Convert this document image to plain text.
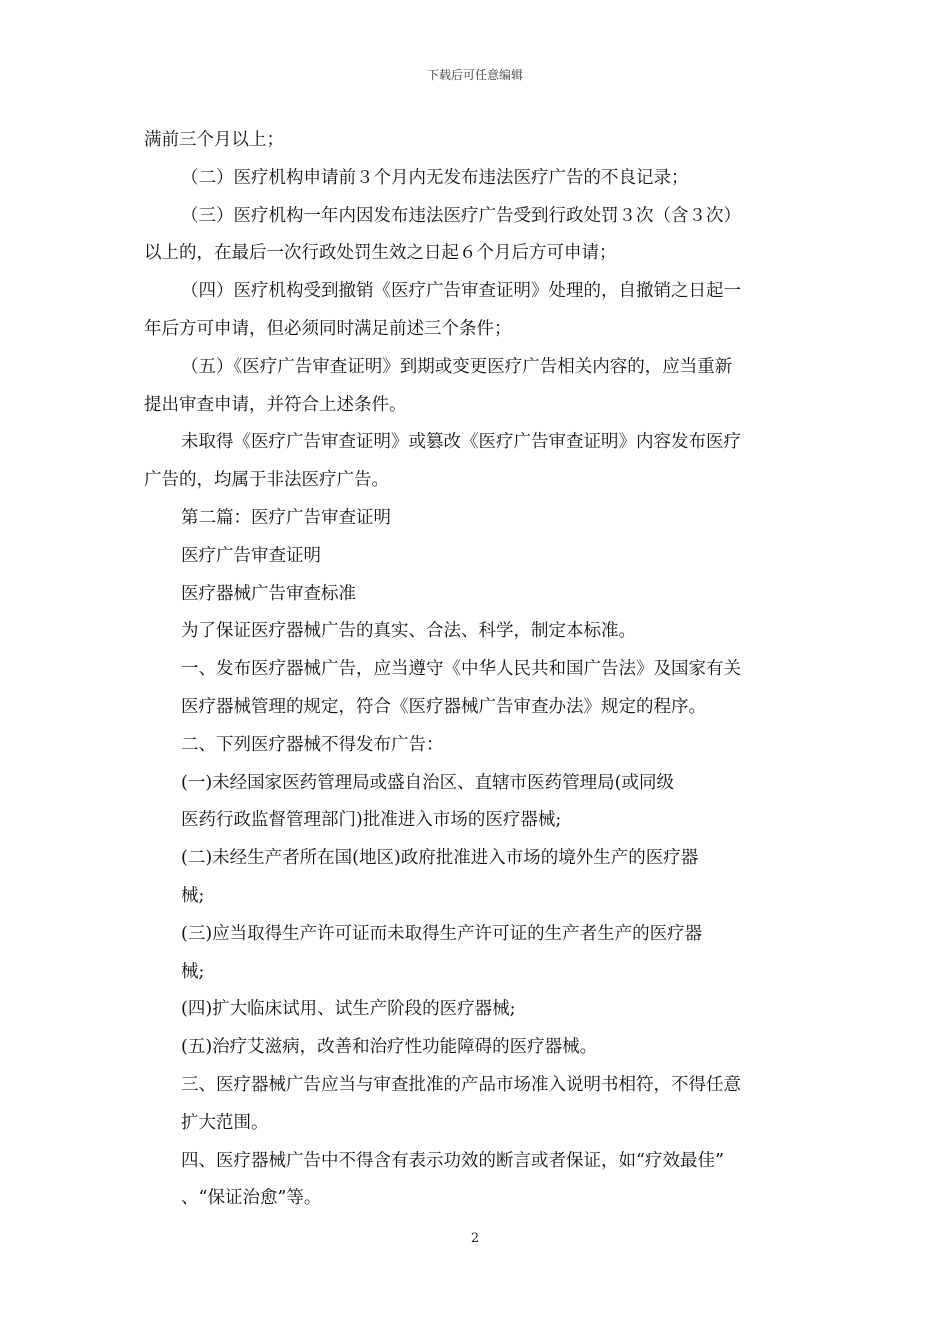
下载后可任意编辑
满前三个月以上；
（二）医疗机构申请前３个月内无发布违法医疗广告的不良记录；
（三）医疗机构一年内因发布违法医疗广告受到行政处罚３次（含３次）
以上的，在最后一次行政处罚生效之日起６个月后方可申请；
（四）医疗机构受到撤销《医疗广告审查证明》处理的，自撤销之日起一
年后方可申请，但必须同时满足前述三个条件；
（五）《医疗广告审查证明》到期或变更医疗广告相关内容的，应当重新
提出审查申请，并符合上述条件。
未取得《医疗广告审查证明》或篡改《医疗广告审查证明》内容发布医疗
广告的，均属于非法医疗广告。
第二篇：医疗广告审查证明
医疗广告审查证明
医疗器械广告审查标准
为了保证医疗器械广告的真实、合法、科学，制定本标准。
一、发布医疗器械广告，应当遵守《中华人民共和国广告法》及国家有关
医疗器械管理的规定，符合《医疗器械广告审查办法》规定的程序。
二、下列医疗器械不得发布广告：
(一)未经国家医药管理局或盛自治区、直辖市医药管理局(或同级
医药行政监督管理部门)批准进入市场的医疗器械;
(二)未经生产者所在国(地区)政府批准进入市场的境外生产的医疗器
械;
(三)应当取得生产许可证而未取得生产许可证的生产者生产的医疗器
械;
(四)扩大临床试用、试生产阶段的医疗器械;
(五)治疗艾滋病，改善和治疗性功能障碍的医疗器械。
三、医疗器械广告应当与审查批准的产品市场准入说明书相符，不得任意
扩大范围。
四、医疗器械广告中不得含有表示功效的断言或者保证，如“疗效最佳”
、“保证治愈”等。
2
